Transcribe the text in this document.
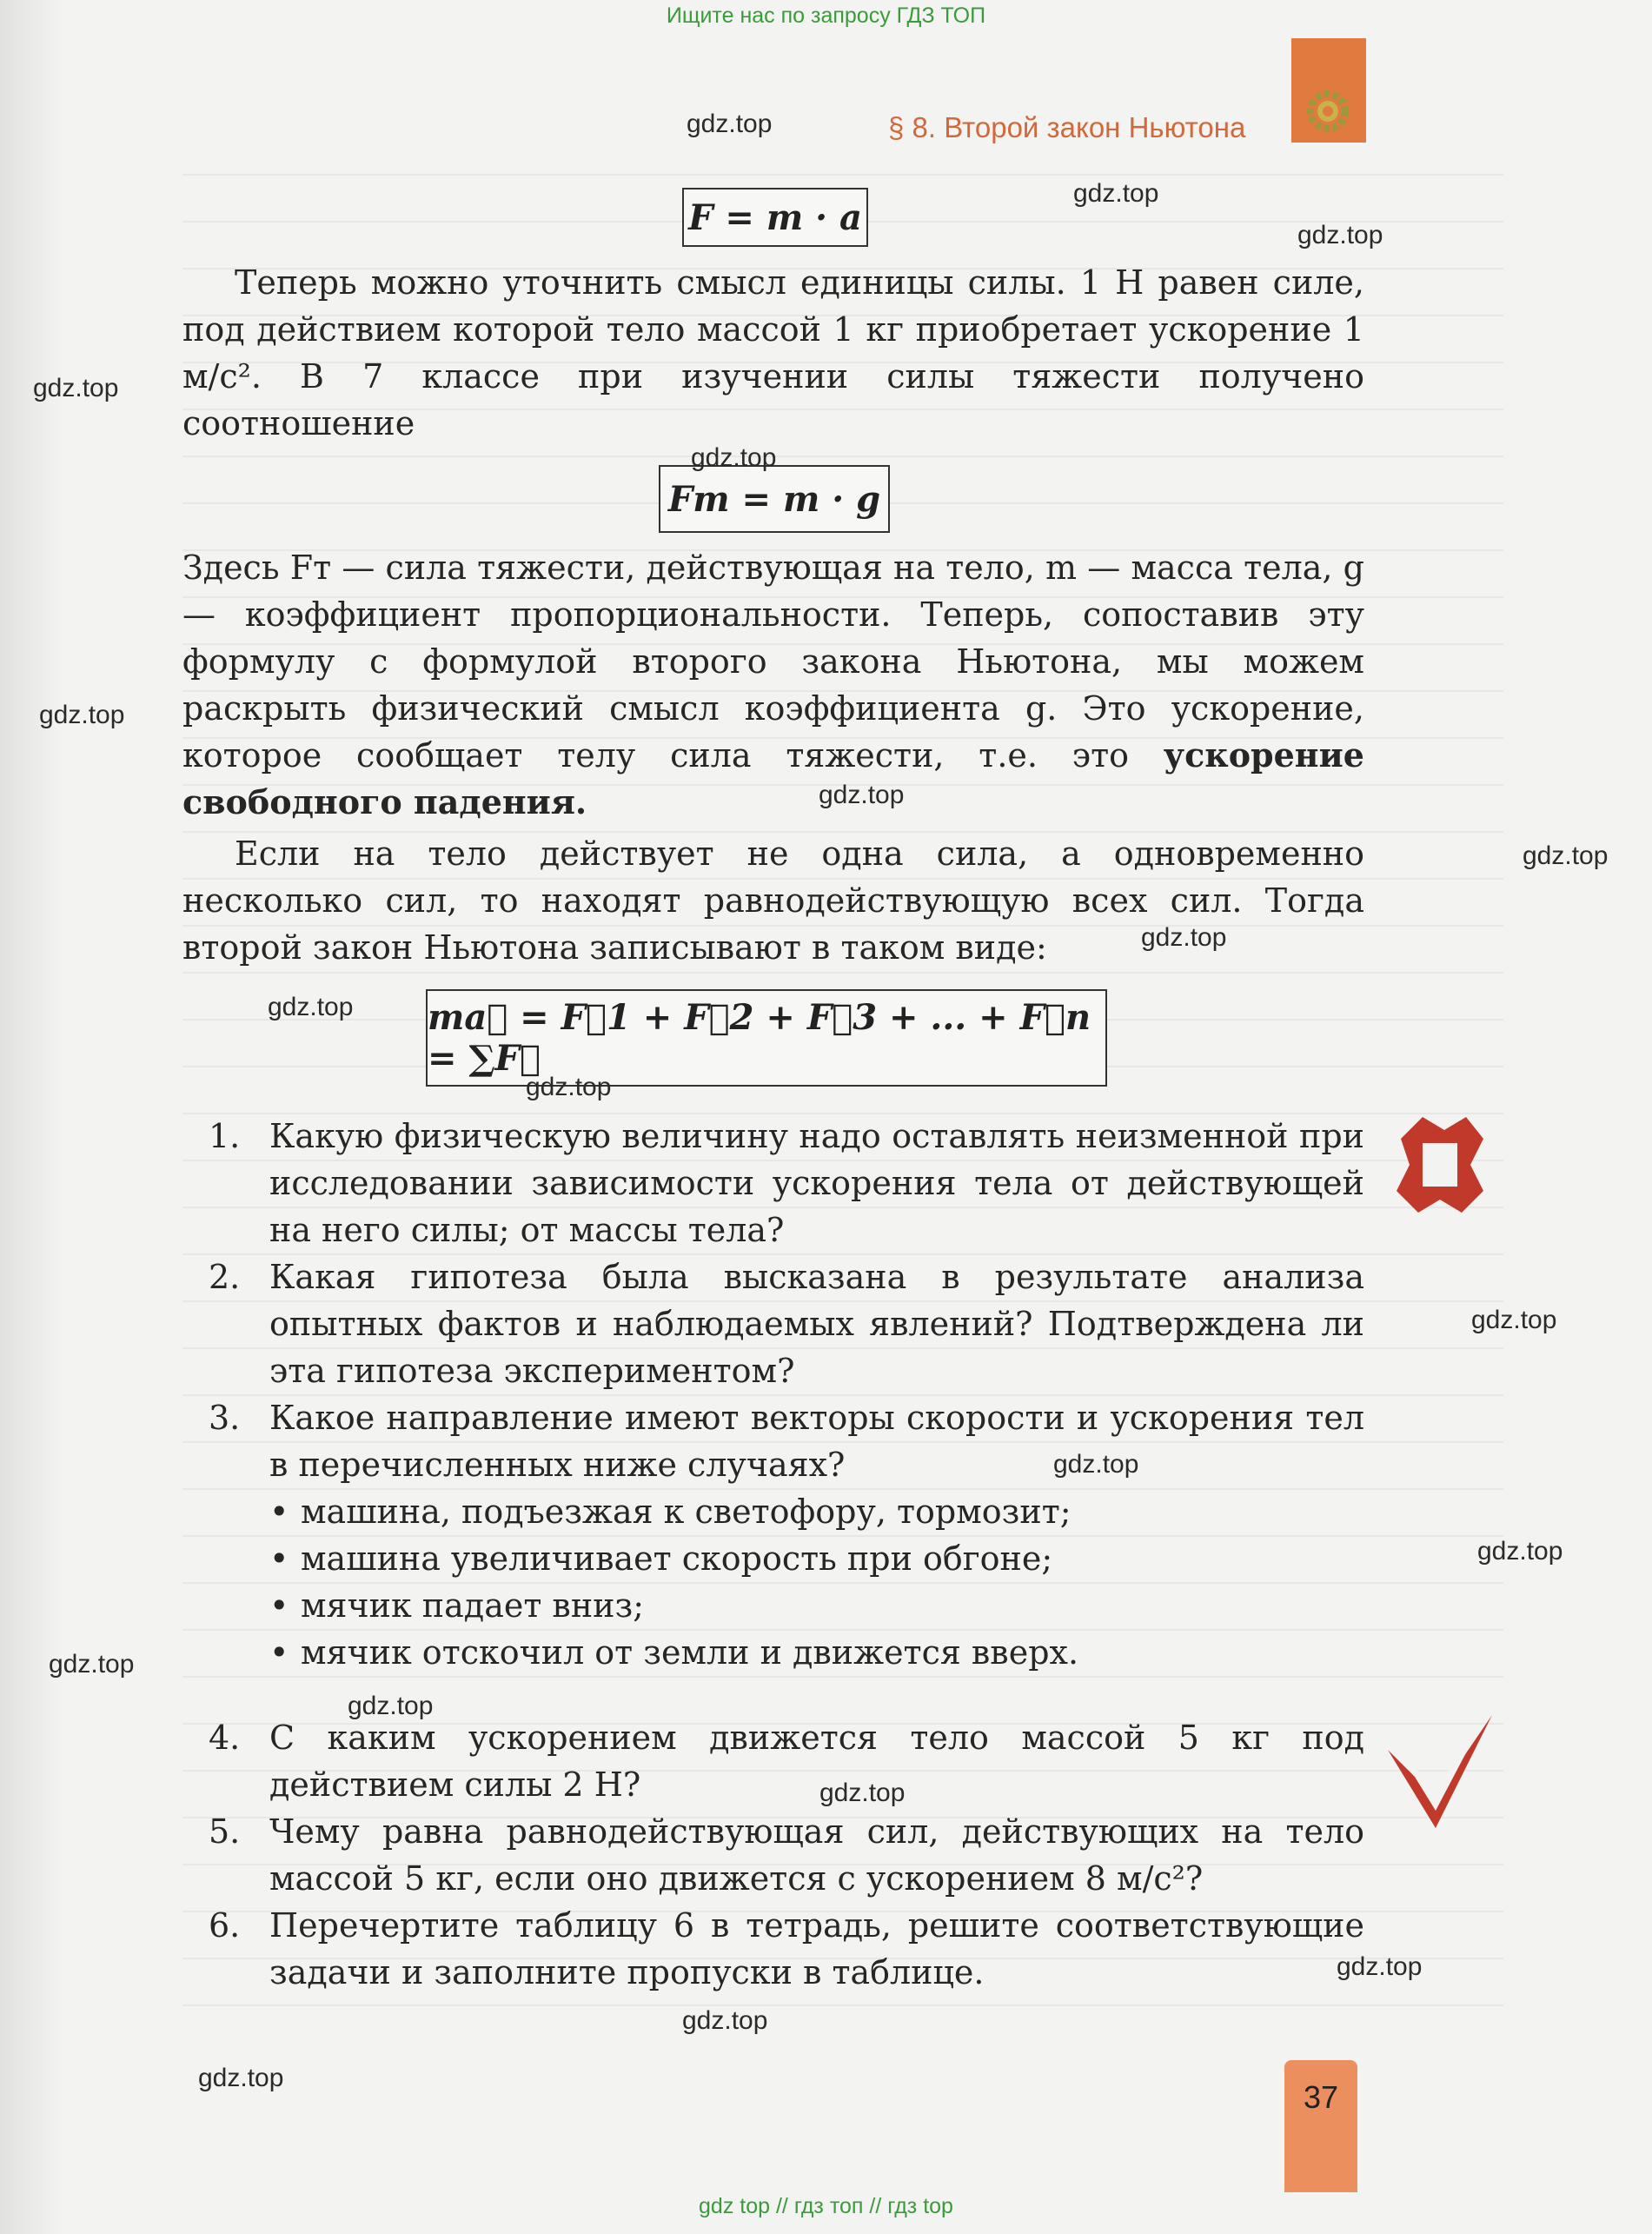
Ищите нас по запросу ГДЗ ТОП
§ 8. Второй закон Ньютона
F = m · a

Теперь можно уточнить смысл единицы силы. 1 Н равен силе, под действием которой тело массой 1 кг приобретает ускорение 1 м/с². В 7 классе при изучении силы тяжести получено соотношение

Fт = m · g

Здесь Fт — сила тяжести, действующая на тело, m — масса тела, g — коэффициент пропорциональности. Теперь, сопоставив эту формулу с формулой второго закона Ньютона, мы можем раскрыть физический смысл коэффициента g. Это ускорение, которое сообщает телу сила тяжести, т.е. это ускорение свободного падения.

Если на тело действует не одна сила, а одновременно несколько сил, то находят равнодействующую всех сил. Тогда второй закон Ньютона записывают в таком виде:

ma⃗ = F⃗1 + F⃗2 + F⃗3 + ... + F⃗n = ∑F⃗
1. Какую физическую величину надо оставлять неизменной при исследовании зависимости ускорения тела от действующей на него силы; от массы тела?
2. Какая гипотеза была высказана в результате анализа опытных фактов и наблюдаемых явлений? Подтверждена ли эта гипотеза экспериментом?
3. Какое направление имеют векторы скорости и ускорения тел в перечисленных ниже случаях?
• машина, подъезжая к светофору, тормозит;
• машина увеличивает скорость при обгоне;
• мячик падает вниз;
• мячик отскочил от земли и движется вверх.
4. С каким ускорением движется тело массой 5 кг под действием силы 2 Н?
5. Чему равна равнодействующая сил, действующих на тело массой 5 кг, если оно движется с ускорением 8 м/с²?
6. Перечертите таблицу 6 в тетрадь, решите соответствующие задачи и заполните пропуски в таблице.
37
gdz.top
gdz.top
gdz.top
gdz.top
gdz.top
gdz.top
gdz.top
gdz.top
gdz.top
gdz.top
gdz.top
gdz.top
gdz.top
gdz.top
gdz.top
gdz.top
gdz.top
gdz.top
gdz.top
gdz.top
gdz top // гдз топ // гдз top
